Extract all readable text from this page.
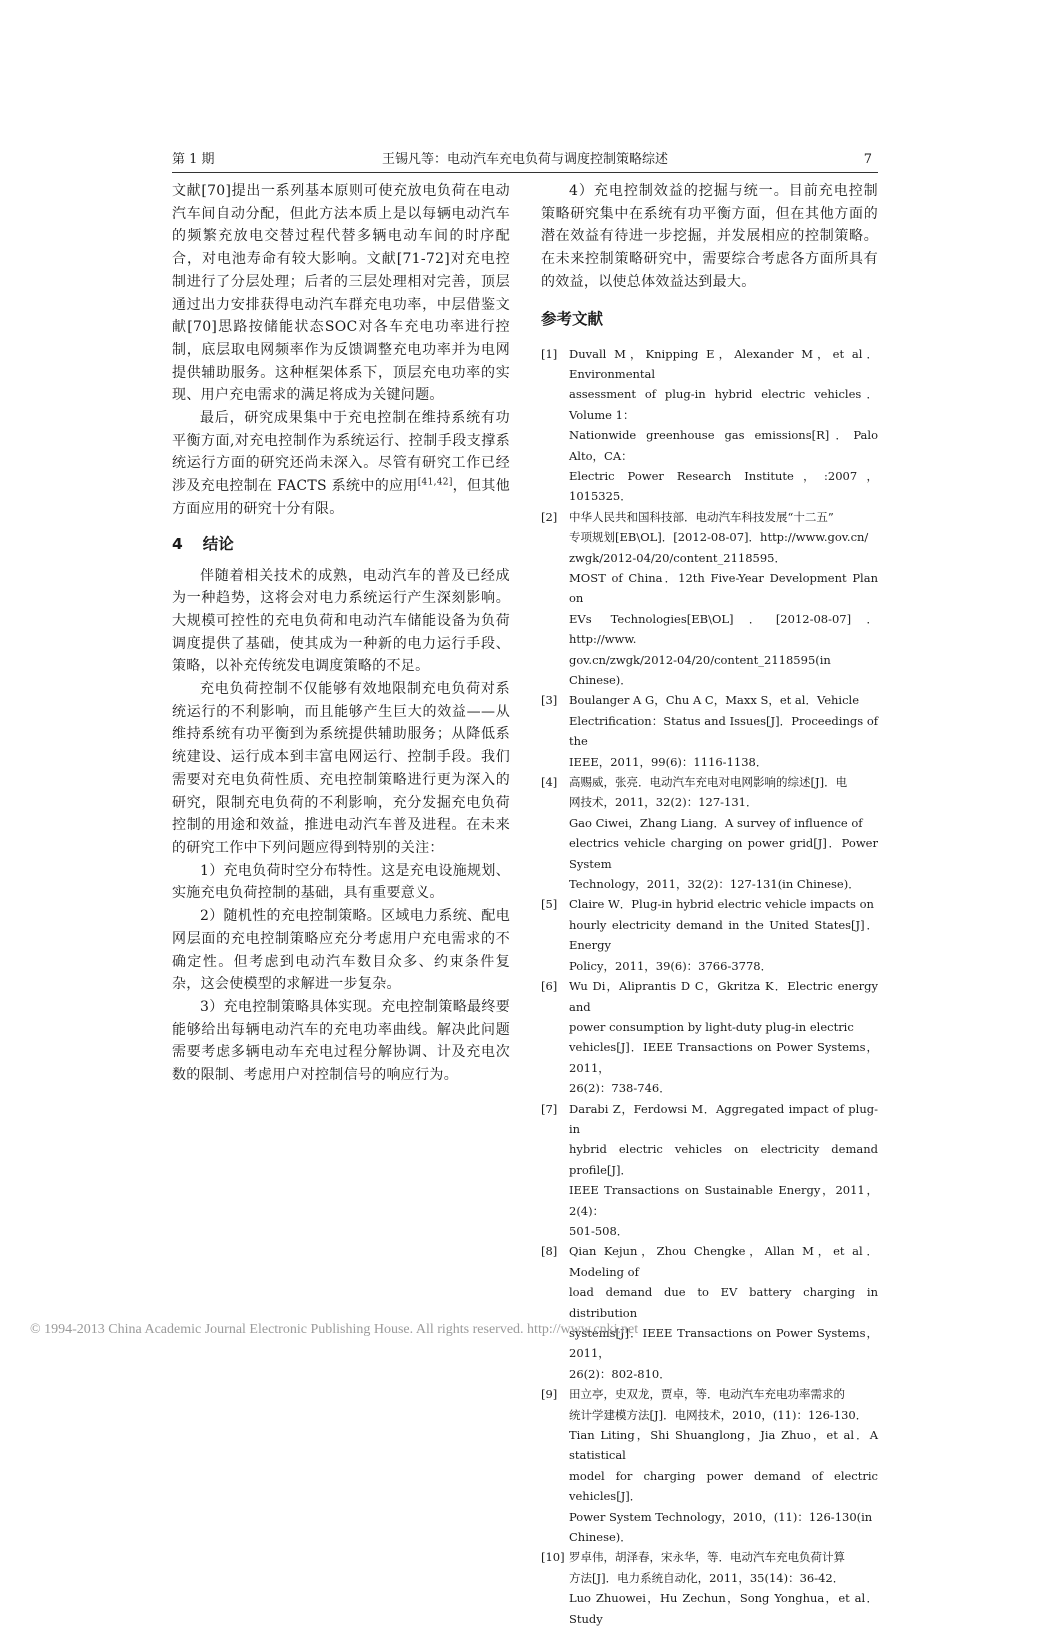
第 1 期	王锡凡等：电动汽车充电负荷与调度控制策略综述	7

文献[70]提出一系列基本原则可使充放电负荷在电动汽车间自动分配，但此方法本质上是以每辆电动汽车的频繁充放电交替过程代替多辆电动车间的时序配合，对电池寿命有较大影响。文献[71-72]对充电控制进行了分层处理；后者的三层处理相对完善，顶层通过出力安排获得电动汽车群充电功率，中层借鉴文献[70]思路按储能状态SOC对各车充电功率进行控制，底层取电网频率作为反馈调整充电功率并为电网提供辅助服务。这种框架体系下，顶层充电功率的实现、用户充电需求的满足将成为关键问题。

最后，研究成果集中于充电控制在维持系统有功平衡方面,对充电控制作为系统运行、控制手段支撑系统运行方面的研究还尚未深入。尽管有研究工作已经涉及充电控制在 FACTS 系统中的应用[41,42]，但其他方面应用的研究十分有限。

4 结论

伴随着相关技术的成熟，电动汽车的普及已经成为一种趋势，这将会对电力系统运行产生深刻影响。大规模可控性的充电负荷和电动汽车储能设备为负荷调度提供了基础，使其成为一种新的电力运行手段、策略，以补充传统发电调度策略的不足。

充电负荷控制不仅能够有效地限制充电负荷对系统运行的不利影响，而且能够产生巨大的效益——从维持系统有功平衡到为系统提供辅助服务；从降低系统建设、运行成本到丰富电网运行、控制手段。我们需要对充电负荷性质、充电控制策略进行更为深入的研究，限制充电负荷的不利影响，充分发掘充电负荷控制的用途和效益，推进电动汽车普及进程。在未来的研究工作中下列问题应得到特别的关注：

1）充电负荷时空分布特性。这是充电设施规划、实施充电负荷控制的基础，具有重要意义。

2）随机性的充电控制策略。区域电力系统、配电网层面的充电控制策略应充分考虑用户充电需求的不确定性。但考虑到电动汽车数目众多、约束条件复杂，这会使模型的求解进一步复杂。

3）充电控制策略具体实现。充电控制策略最终要能够给出每辆电动汽车的充电功率曲线。解决此问题需要考虑多辆电动车充电过程分解协调、计及充电次数的限制、考虑用户对控制信号的响应行为。

4）充电控制效益的挖掘与统一。目前充电控制策略研究集中在系统有功平衡方面，但在其他方面的潜在效益有待进一步挖掘，并发展相应的控制策略。在未来控制策略研究中，需要综合考虑各方面所具有的效益，以使总体效益达到最大。

参考文献

[1] Duvall M，Knipping E，Alexander M，et al．Environmental
assessment of plug-in hybrid electric vehicles．Volume 1：
Nationwide greenhouse gas emissions[R]．Palo Alto，CA：
Electric Power Research Institute，:2007，1015325．

[2] 中华人民共和国科技部．电动汽车科技发展“十二五”
专项规划[EB\OL]．[2012-08-07]．http://www.gov.cn/
zwgk/2012-04/20/content_2118595．
MOST of China．12th Five-Year Development Plan on
EVs Technologies[EB\OL]．[2012-08-07]．http://www.
gov.cn/zwgk/2012-04/20/content_2118595(in Chinese)．

[3] Boulanger A G，Chu A C，Maxx S，et al．Vehicle
Electrification：Status and Issues[J]．Proceedings of the
IEEE，2011，99(6)：1116-1138．

[4] 高赐威，张亮．电动汽车充电对电网影响的综述[J]．电
网技术，2011，32(2)：127-131．
Gao Ciwei，Zhang Liang．A survey of influence of
electrics vehicle charging on power grid[J]．Power System
Technology，2011，32(2)：127-131(in Chinese)．

[5] Claire W．Plug-in hybrid electric vehicle impacts on
hourly electricity demand in the United States[J]．Energy
Policy，2011，39(6)：3766-3778．

[6] Wu Di，Aliprantis D C，Gkritza K．Electric energy and
power consumption by light-duty plug-in electric
vehicles[J]．IEEE Transactions on Power Systems，2011，
26(2)：738-746．

[7] Darabi Z，Ferdowsi M．Aggregated impact of plug-in
hybrid electric vehicles on electricity demand profile[J]．
IEEE Transactions on Sustainable Energy，2011，2(4)：
501-508．

[8] Qian Kejun，Zhou Chengke，Allan M，et al．Modeling of
load demand due to EV battery charging in distribution
systems[J]．IEEE Transactions on Power Systems，2011，
26(2)：802-810．

[9] 田立亭，史双龙，贾卓，等．电动汽车充电功率需求的
统计学建模方法[J]．电网技术，2010，(11)：126-130．
Tian Liting，Shi Shuanglong，Jia Zhuo，et al．A statistical
model for charging power demand of electric vehicles[J]．
Power System Technology，2010，(11)：126-130(in
Chinese)．

[10] 罗卓伟，胡泽春，宋永华，等．电动汽车充电负荷计算
方法[J]．电力系统自动化，2011，35(14)：36-42．
Luo Zhuowei，Hu Zechun，Song Yonghua，et al．Study

© 1994-2013 China Academic Journal Electronic Publishing House. All rights reserved. http://www.cnki.net
